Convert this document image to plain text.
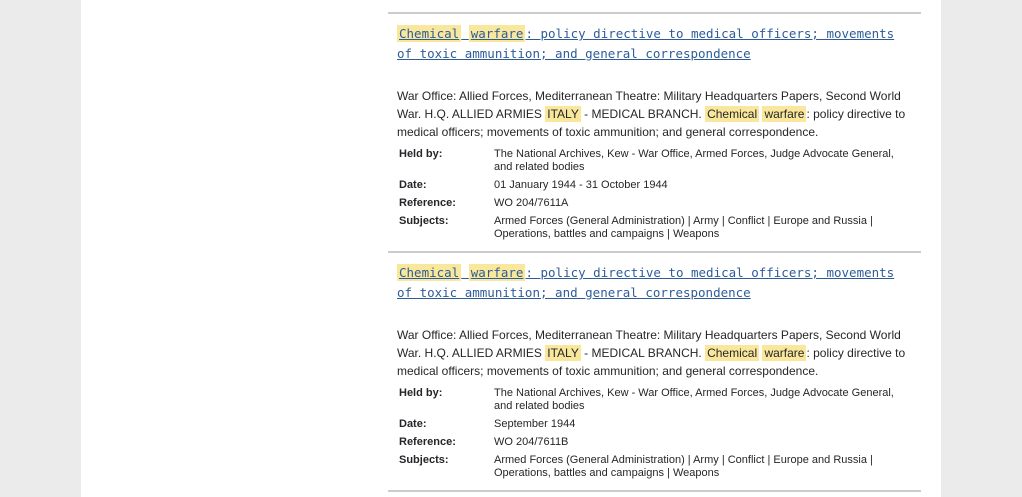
Chemical warfare : policy directive to medical officers; movements of toxic ammunition; and general correspondence

War Office: Allied Forces, Mediterranean Theatre: Military Headquarters Papers, Second World War. H.Q. ALLIED ARMIES ITALY - MEDICAL BRANCH. Chemical warfare : policy directive to medical officers; movements of toxic ammunition; and general correspondence.

Held by:	The National Archives, Kew - War Office, Armed Forces, Judge Advocate General, and related bodies
Date:	01 January 1944 - 31 October 1944
Reference:	WO 204/7611A
Subjects:	Armed Forces (General Administration) | Army | Conflict | Europe and Russia | Operations, battles and campaigns | Weapons
Chemical warfare : policy directive to medical officers; movements of toxic ammunition; and general correspondence

War Office: Allied Forces, Mediterranean Theatre: Military Headquarters Papers, Second World War. H.Q. ALLIED ARMIES ITALY - MEDICAL BRANCH. Chemical warfare : policy directive to medical officers; movements of toxic ammunition; and general correspondence.

Held by:	The National Archives, Kew - War Office, Armed Forces, Judge Advocate General, and related bodies
Date:	September 1944
Reference:	WO 204/7611B
Subjects:	Armed Forces (General Administration) | Army | Conflict | Europe and Russia | Operations, battles and campaigns | Weapons
